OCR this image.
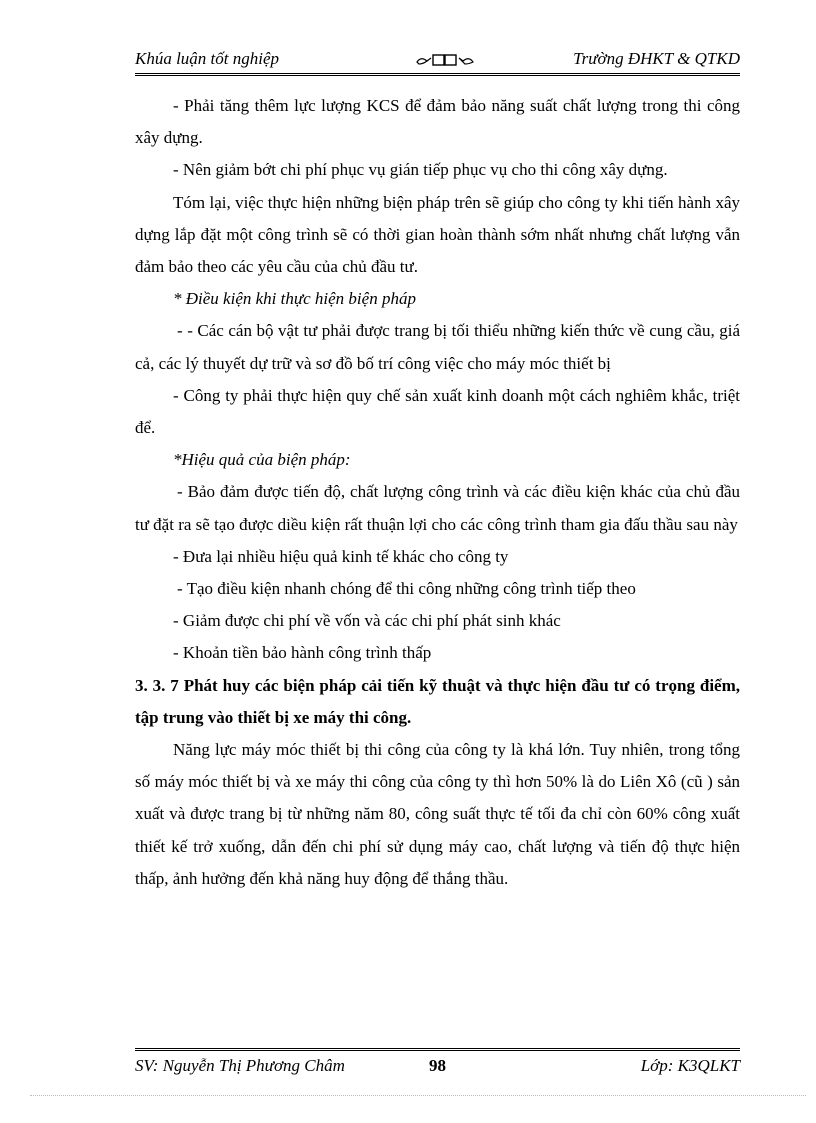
Khúa luận tốt nghiệp	Trường ĐHKT & QTKD

- Phải tăng thêm lực lượng KCS để đảm bảo năng suất chất lượng trong thi công xây dựng.

- Nên giảm bớt chi phí phục vụ gián tiếp phục vụ cho thi công xây dựng.

Tóm lại, việc thực hiện những biện pháp trên sẽ giúp cho công ty khi tiến hành xây dựng lắp đặt một công trình sẽ có thời gian hoàn thành sớm nhất nhưng chất lượng vẫn đảm bảo theo các yêu cầu của chủ đầu tư.

* Điều kiện khi thực hiện biện pháp

- - Các cán bộ vật tư phải được trang bị tối thiểu những kiến thức về cung cầu, giá cả, các lý thuyết dự trữ và sơ đồ bố trí công việc cho máy móc thiết bị

- Công ty phải thực hiện quy chế sản xuất kinh doanh một cách nghiêm khắc, triệt để.

*Hiệu quả của biện pháp:

- Bảo đảm được tiến độ, chất lượng công trình và các điều kiện khác của chủ đầu tư đặt ra sẽ tạo được diều kiện rất thuận lợi cho các công trình tham gia đấu thầu sau này

- Đưa lại nhiều hiệu quả kinh tế khác cho công ty

- Tạo điều kiện nhanh chóng để thi công những công trình tiếp theo

- Giảm được chi phí về vốn và các chi phí phát sinh khác

- Khoản tiền bảo hành công trình thấp

3. 3. 7 Phát huy các biện pháp cải tiến kỹ thuật và thực hiện đầu tư có trọng điểm, tập trung vào thiết bị xe máy thi công.

Năng lực máy móc thiết bị thi công của công ty là khá lớn. Tuy nhiên, trong tổng số máy móc thiết bị và xe máy thi công của công ty thì hơn 50% là do Liên Xô (cũ ) sản xuất và được trang bị từ những năm 80, công suất thực tế tối đa chỉ còn 60% công xuất thiết kế trở xuống, dẫn đến chi phí sử dụng máy cao, chất lượng và tiến độ thực hiện thấp, ảnh hưởng đến khả năng huy động để thắng thầu.

SV: Nguyễn Thị Phương Châm	98	Lớp: K3QLKT
